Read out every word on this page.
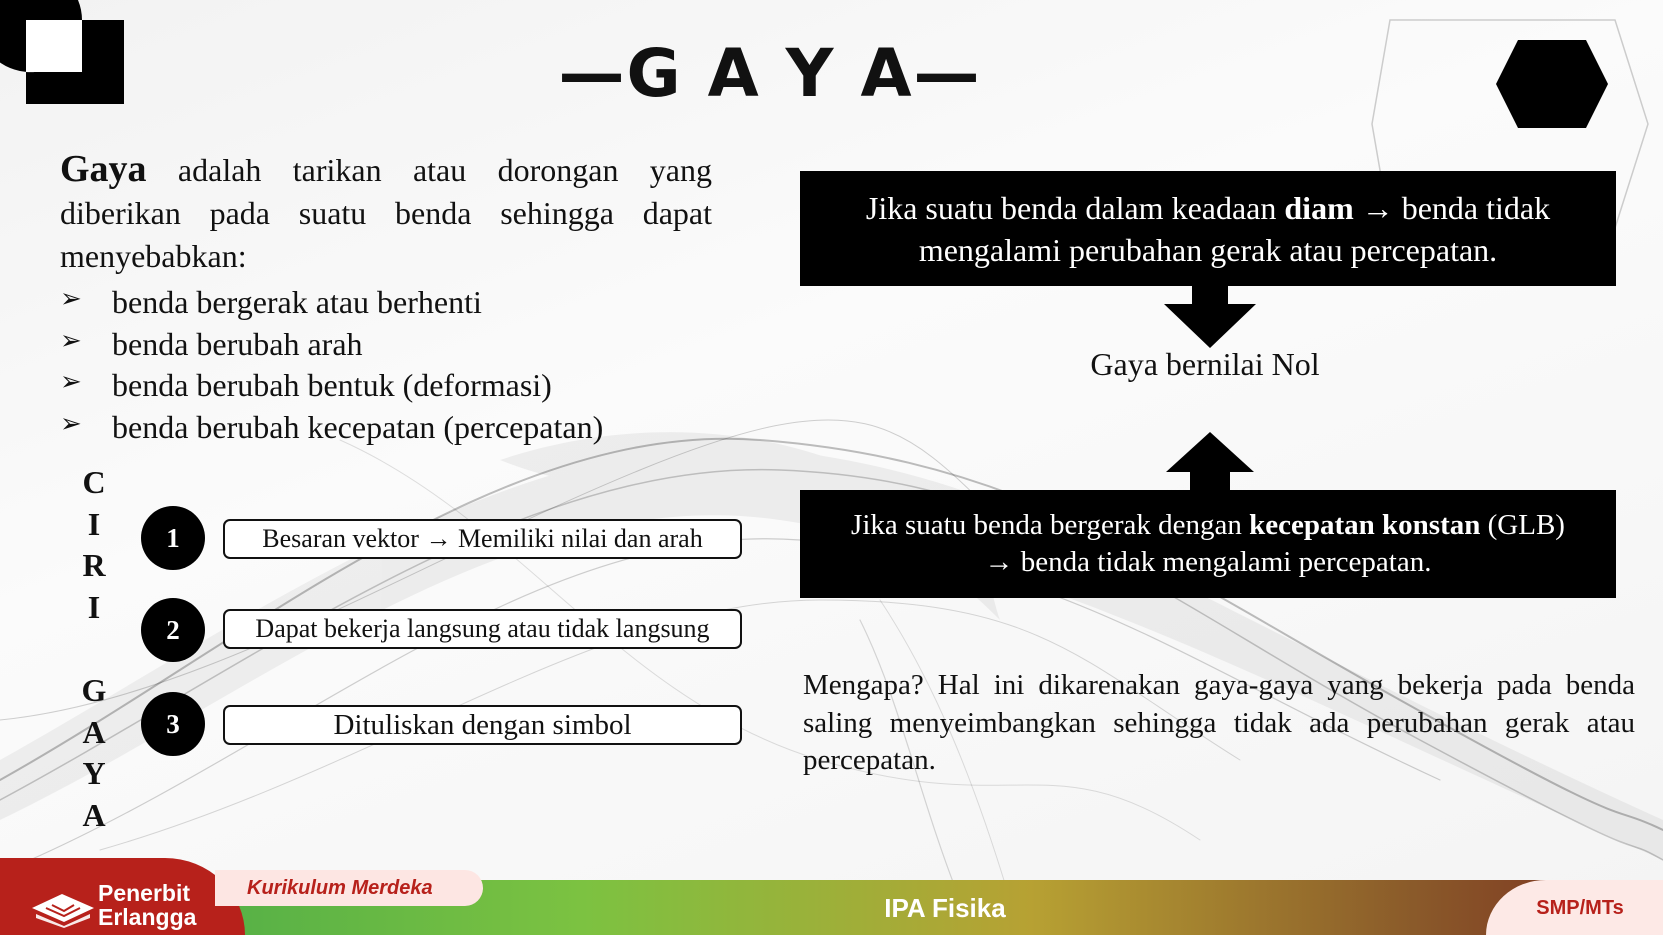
—G A Y A—
Gaya adalah tarikan atau dorongan yang diberikan pada suatu benda sehingga dapat menyebabkan:
➢ benda bergerak atau berhenti
➢ benda berubah arah
➢ benda berubah bentuk (deformasi)
➢ benda berubah kecepatan (percepatan)
C
I
R
I
G
A
Y
A
1	Besaran vektor → Memiliki nilai dan arah
2	Dapat bekerja langsung atau tidak langsung
3	Dituliskan dengan simbol
Jika suatu benda dalam keadaan diam → benda tidak
mengalami perubahan gerak atau percepatan.
Gaya bernilai Nol
Jika suatu benda bergerak dengan kecepatan konstan (GLB)
→ benda tidak mengalami percepatan.
Mengapa? Hal ini dikarenakan gaya-gaya yang bekerja pada benda saling menyeimbangkan sehingga tidak ada perubahan gerak atau percepatan.
Penerbit
Erlangga
Kurikulum Merdeka
IPA Fisika	SMP/MTs
